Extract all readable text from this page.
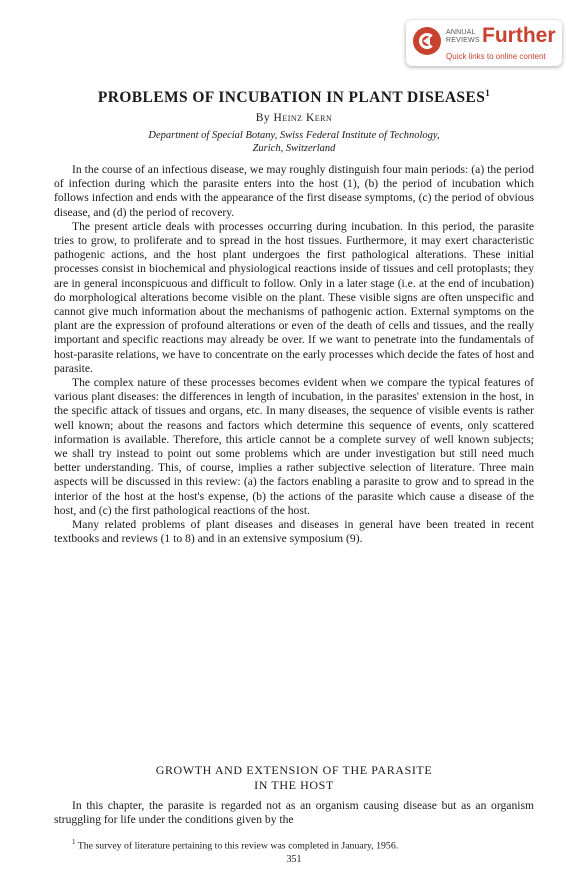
ANNUAL
REVIEWS Further
Quick links to online content
PROBLEMS OF INCUBATION IN PLANT DISEASES$^1$
By Heinz Kern
Department of Special Botany, Swiss Federal Institute of Technology,
Zurich, Switzerland

In the course of an infectious disease, we may roughly distinguish four main periods: (a) the period of infection during which the parasite enters into the host (1), (b) the period of incubation which follows infection and ends with the appearance of the first disease symptoms, (c) the period of obvious disease, and (d) the period of recovery.

The present article deals with processes occurring during incubation. In this period, the parasite tries to grow, to proliferate and to spread in the host tissues. Furthermore, it may exert characteristic pathogenic actions, and the host plant undergoes the first pathological alterations. These initial processes consist in biochemical and physiological reactions inside of tissues and cell protoplasts; they are in general inconspicuous and difficult to follow. Only in a later stage (i.e. at the end of incubation) do morphological alterations become visible on the plant. These visible signs are often unspecific and cannot give much information about the mechanisms of pathogenic action. External symptoms on the plant are the expression of profound alterations or even of the death of cells and tissues, and the really important and specific reactions may already be over. If we want to penetrate into the fundamentals of host-parasite relations, we have to concentrate on the early processes which decide the fates of host and parasite.

The complex nature of these processes becomes evident when we compare the typical features of various plant diseases: the differences in length of incubation, in the parasites' extension in the host, in the specific attack of tissues and organs, etc. In many diseases, the sequence of visible events is rather well known; about the reasons and factors which determine this sequence of events, only scattered information is available. Therefore, this article cannot be a complete survey of well known subjects; we shall try instead to point out some problems which are under investigation but still need much better understanding. This, of course, implies a rather subjective selection of literature. Three main aspects will be discussed in this review: (a) the factors enabling a parasite to grow and to spread in the interior of the host at the host's expense, (b) the actions of the parasite which cause a disease of the host, and (c) the first pathological reactions of the host.

Many related problems of plant diseases and diseases in general have been treated in recent textbooks and reviews (1 to 8) and in an extensive symposium (9).

GROWTH AND EXTENSION OF THE PARASITE
IN THE HOST

In this chapter, the parasite is regarded not as an organism causing disease but as an organism struggling for life under the conditions given by the

$^1$ The survey of literature pertaining to this review was completed in January, 1956.
351
